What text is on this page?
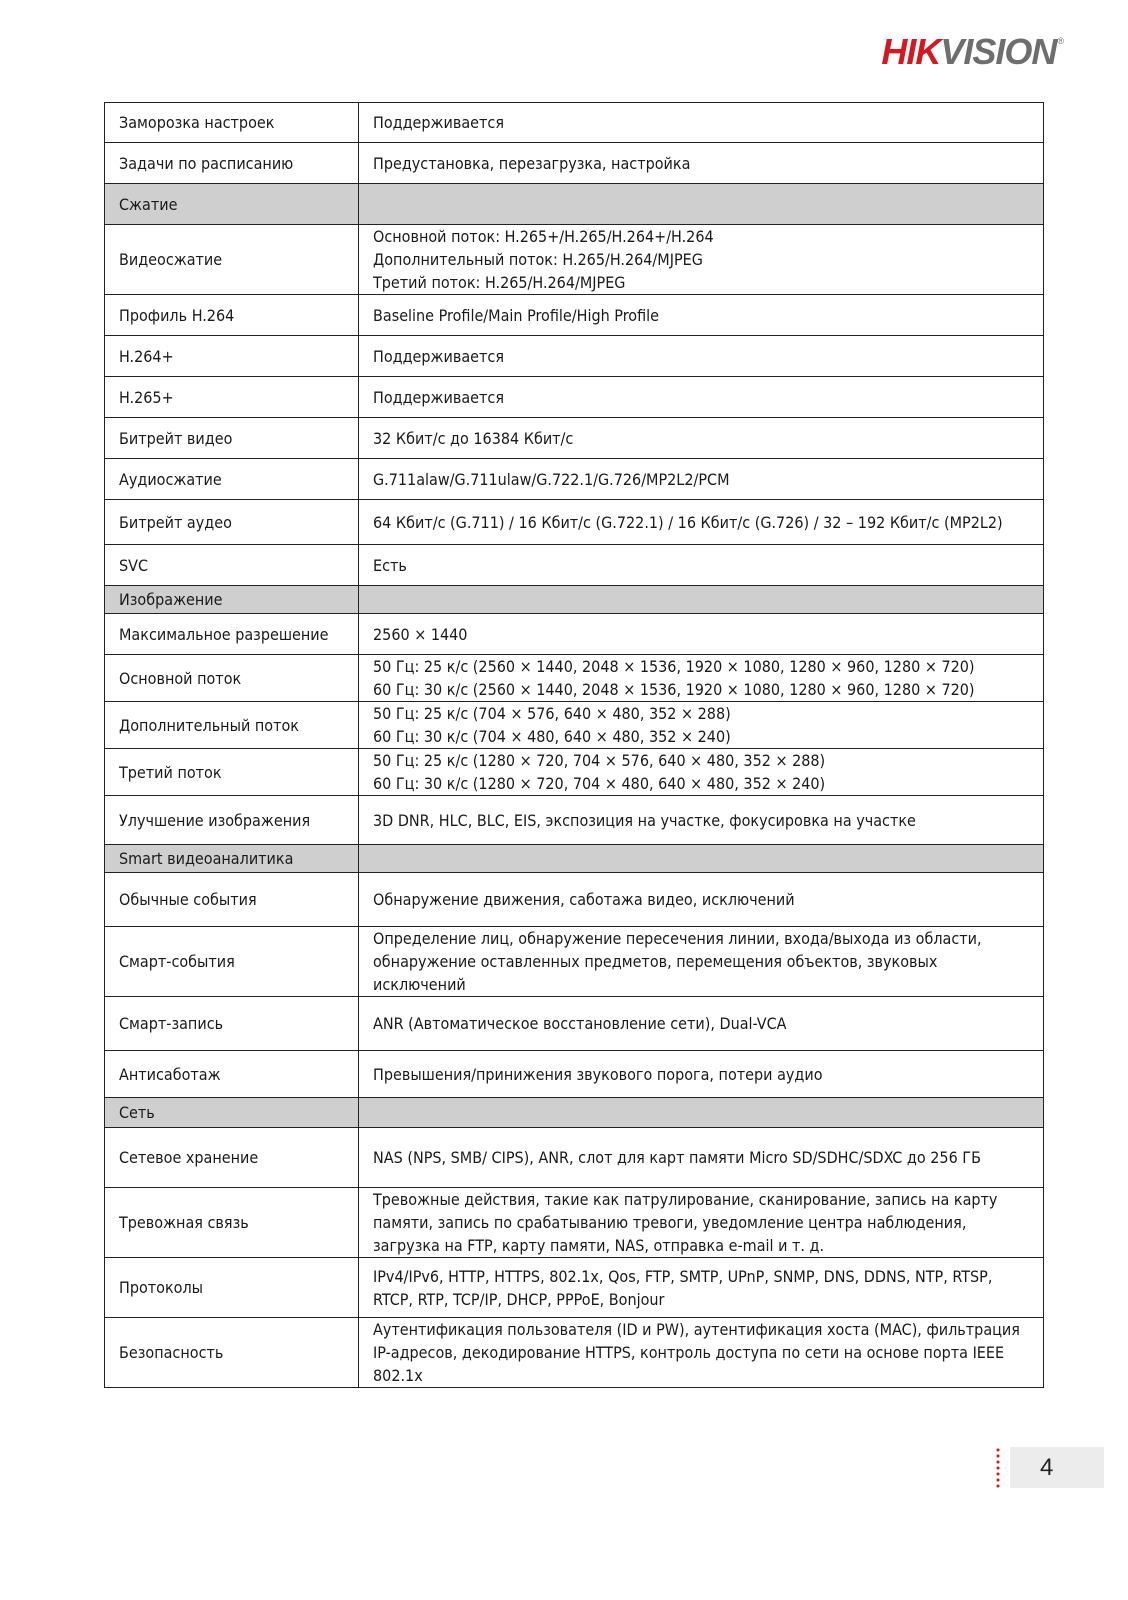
HIKVISION ®
Заморозка настроек	Поддерживается

Задачи по расписанию	Предустановка, перезагрузка, настройка

Сжатие	
Видеосжатие	Основной поток: H.265+/H.265/H.264+/H.264
Дополнительный поток: H.265/H.264/MJPEG
Третий поток: H.265/H.264/MJPEG

Профиль H.264	Baseline Profile/Main Profile/High Profile

H.264+	Поддерживается

H.265+	Поддерживается

Битрейт видео	32 Кбит/с до 16384 Кбит/с

Аудиосжатие	G.711alaw/G.711ulaw/G.722.1/G.726/MP2L2/PCM

Битрейт аудео	64 Кбит/с (G.711) / 16 Кбит/с (G.722.1) / 16 Кбит/с (G.726) / 32 – 192 Кбит/с (MP2L2)

SVC	Есть

Изображение	
Максимальное разрешение	2560 × 1440

Основной поток	50 Гц: 25 к/с (2560 × 1440, 2048 × 1536, 1920 × 1080, 1280 × 960, 1280 × 720)
60 Гц: 30 к/с (2560 × 1440, 2048 × 1536, 1920 × 1080, 1280 × 960, 1280 × 720)

Дополнительный поток	50 Гц: 25 к/с (704 × 576, 640 × 480, 352 × 288)
60 Гц: 30 к/с (704 × 480, 640 × 480, 352 × 240)

Третий поток	50 Гц: 25 к/с (1280 × 720, 704 × 576, 640 × 480, 352 × 288)
60 Гц: 30 к/с (1280 × 720, 704 × 480, 640 × 480, 352 × 240)

Улучшение изображения	3D DNR, HLC, BLC, EIS, экспозиция на участке, фокусировка на участке

Smart видеоаналитика	
Обычные события	Обнаружение движения, саботажа видео, исключений

Смарт-события	Определение лиц, обнаружение пересечения линии, входа/выхода из области, обнаружение оставленных предметов, перемещения объектов, звуковых исключений

Смарт-запись	ANR (Автоматическое восстановление сети), Dual-VCA

Антисаботаж	Превышения/принижения звукового порога, потери аудио

Сеть	
Сетевое хранение	NAS (NPS, SMB/ CIPS), ANR, слот для карт памяти Micro SD/SDHC/SDXC до 256 ГБ

Тревожная связь	Тревожные действия, такие как патрулирование, сканирование, запись на карту памяти, запись по срабатыванию тревоги, уведомление центра наблюдения, загрузка на FTP, карту памяти, NAS, отправка e-mail и т. д.

Протоколы	IPv4/IPv6, HTTP, HTTPS, 802.1x, Qos, FTP, SMTP, UPnP, SNMP, DNS, DDNS, NTP, RTSP, RTCP, RTP, TCP/IP, DHCP, PPPoE, Bonjour

Безопасность	Аутентификация пользователя (ID и PW), аутентификация хоста (MAC), фильтрация IP-адресов, декодирование HTTPS, контроль доступа по сети на основе порта IEEE 802.1x
4
